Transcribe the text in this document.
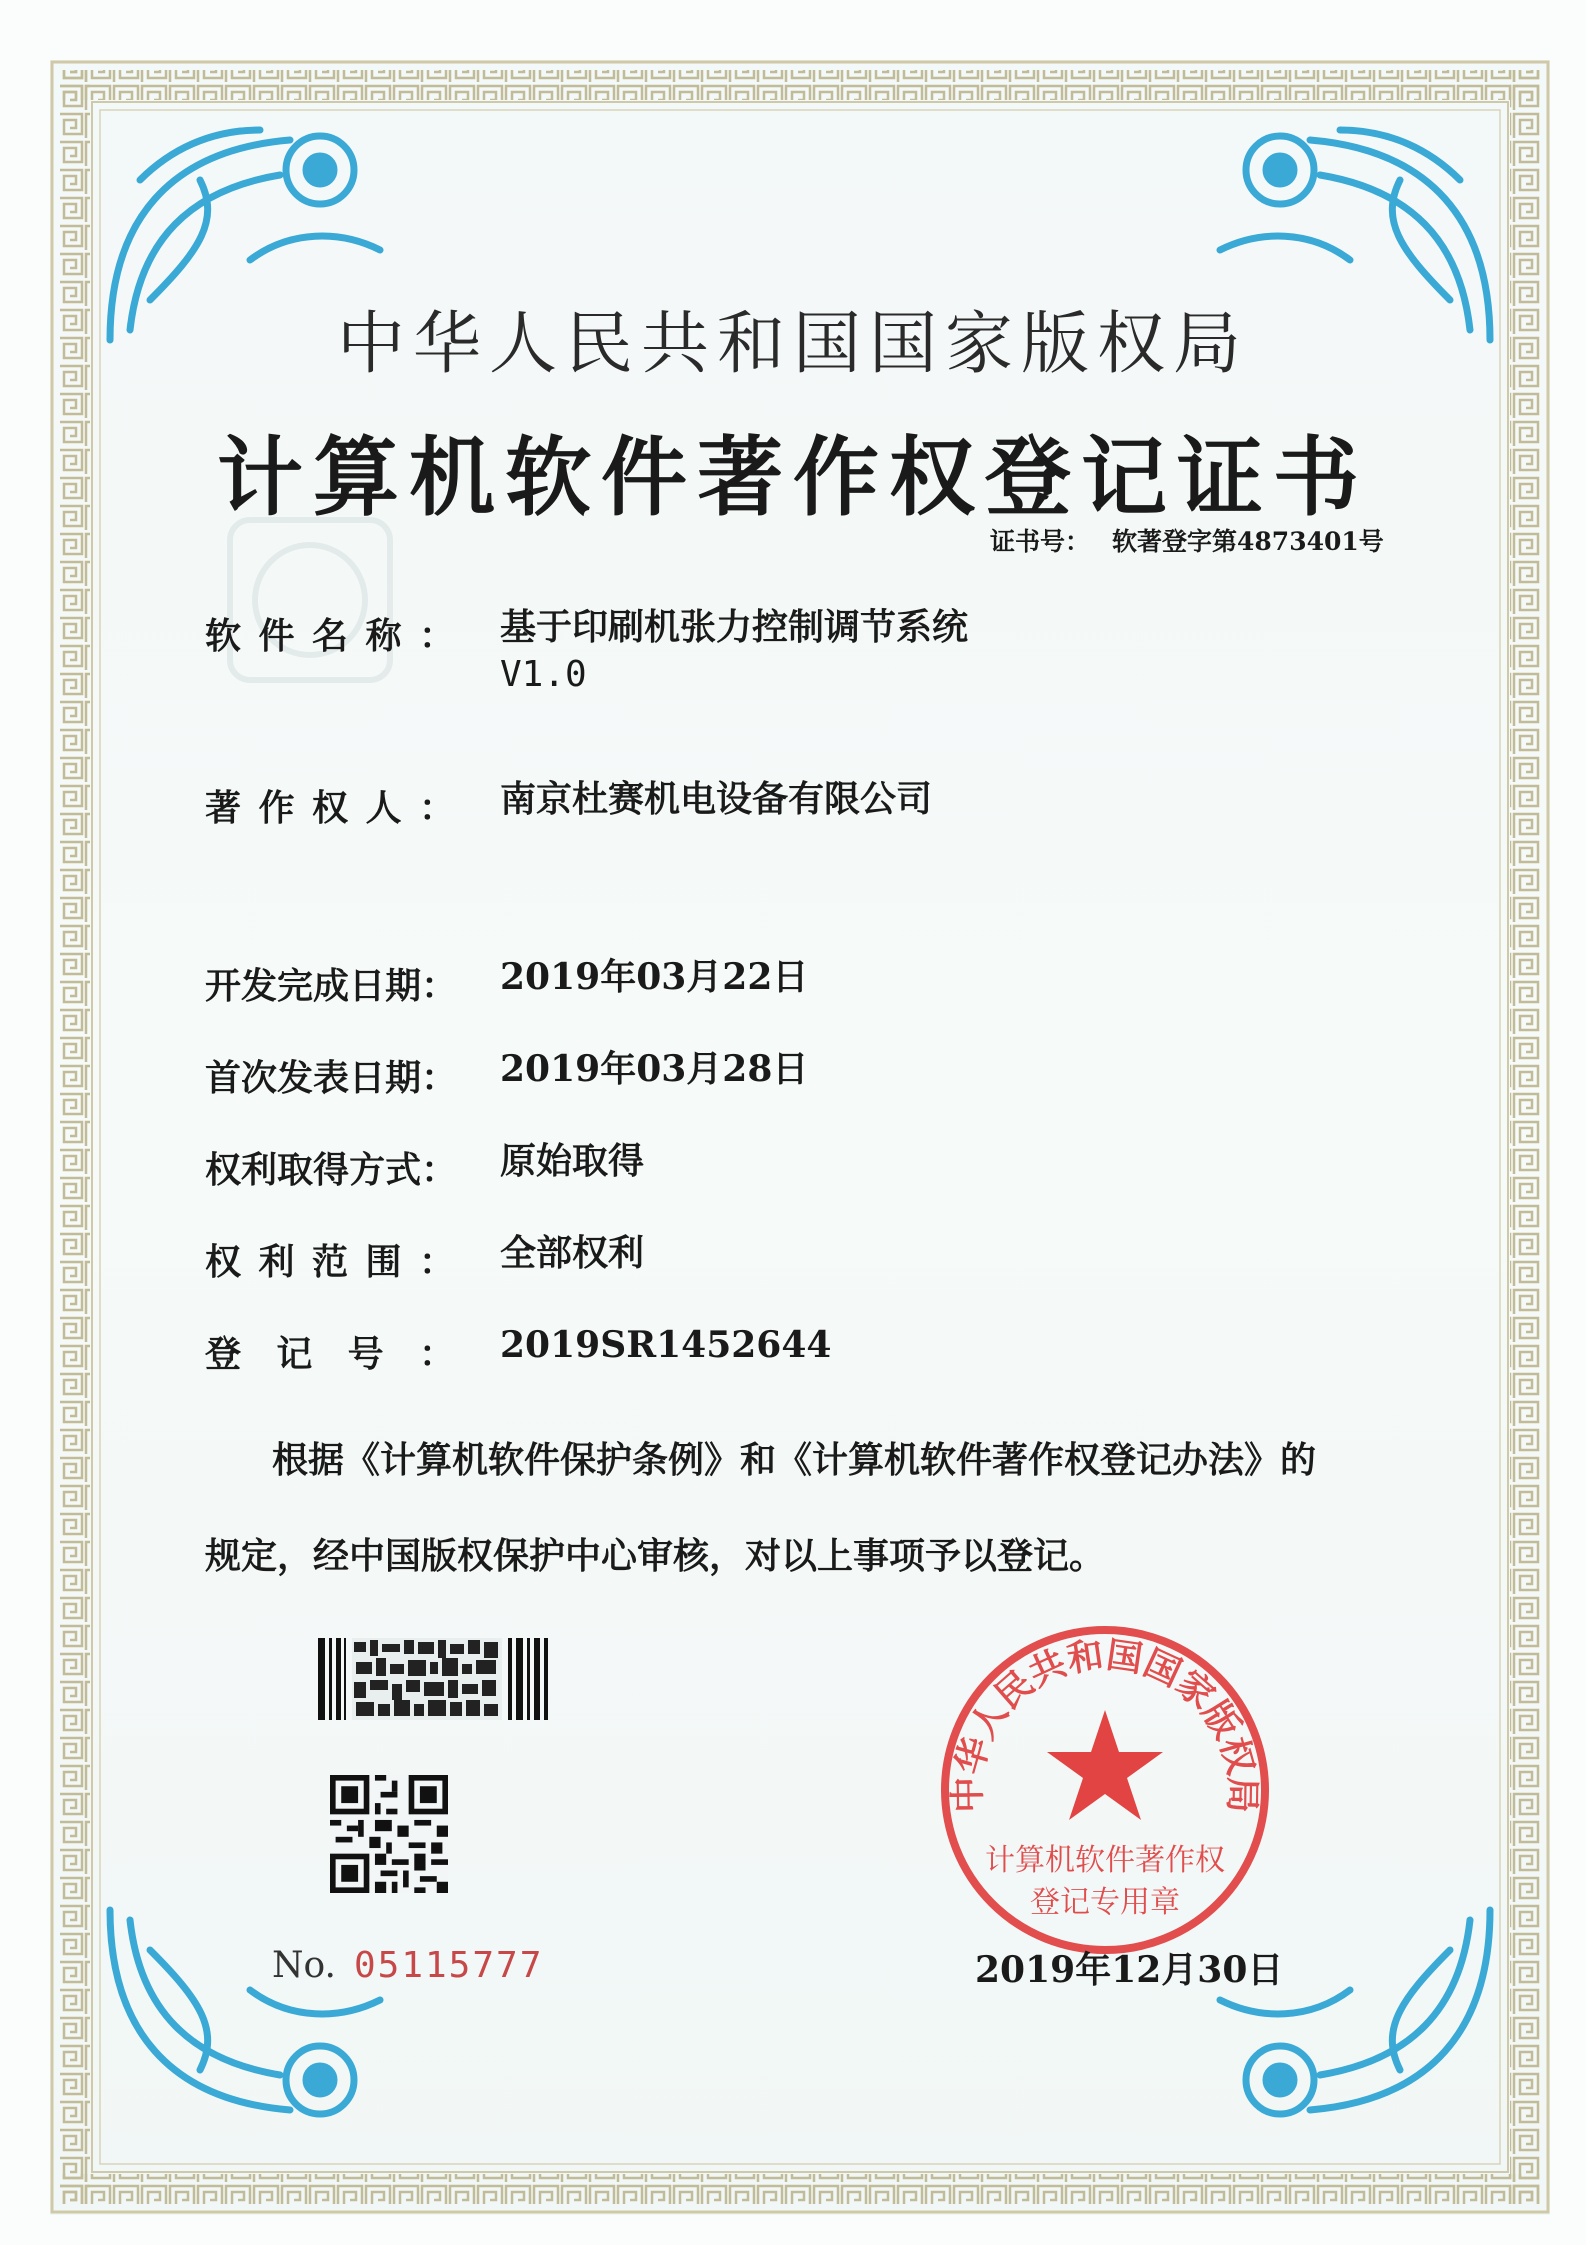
中华人民共和国国家版权局
计算机软件著作权登记证书
证书号： 软著登字第4873401号
软 件 名 称 ： 基于印刷机张力控制调节系统
V1.0
著 作 权 人 ： 南京杜赛机电设备有限公司
开 发 完 成 日 期 ： 2019年03月22日
首 次 发 表 日 期 ： 2019年03月28日
权 利 取 得 方 式 ： 原始取得
权 利 范 围 ： 全部权利
登 记 号 ： 2019SR1452644
根据《计算机软件保护条例》和《计算机软件著作权登记办法》的
规定，经中国版权保护中心审核，对以上事项予以登记。
No. 05115777
中华人民共和国国家版权局
计算机软件著作权
登记专用章
2019年12月30日
